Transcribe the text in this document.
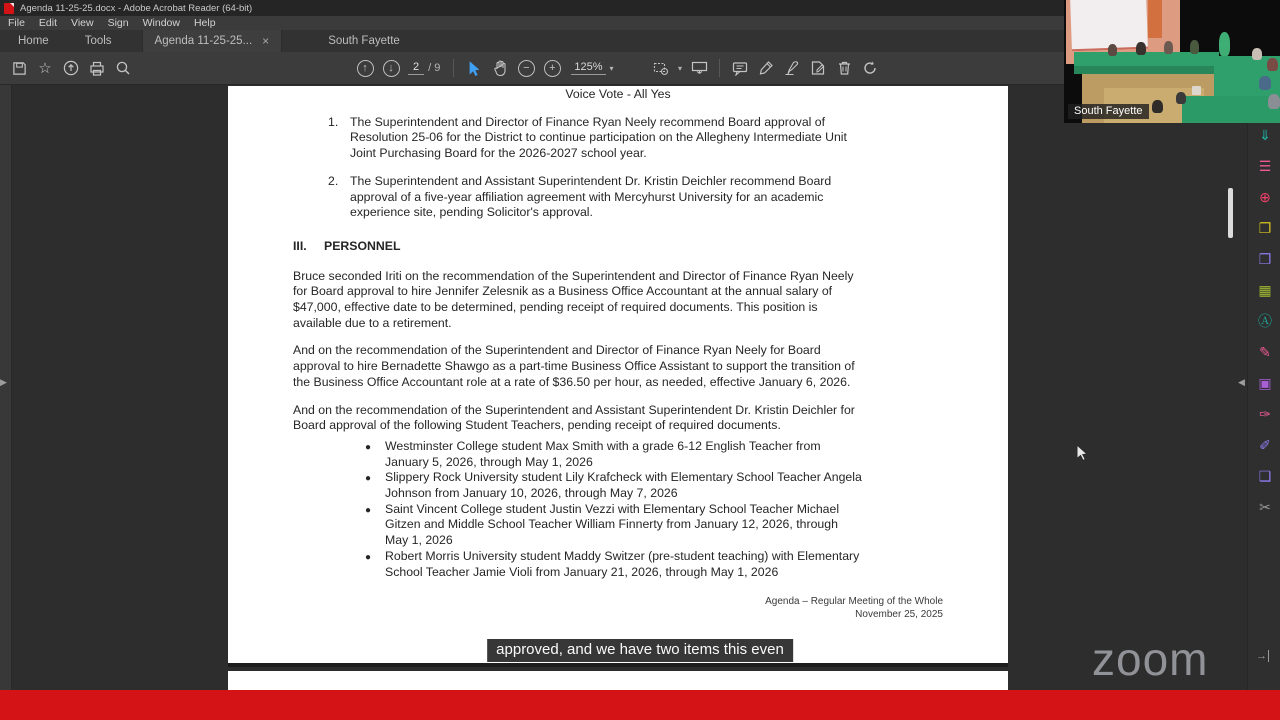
Agenda 11-25-25.docx - Adobe Acrobat Reader (64-bit)
File Edit View Sign Window Help
Home	Tools	Agenda 11-25-25... ×	South Fayette
☆	↑	↓	2 / 9	−	+	125% ▾	▾
▶
Voice Vote - All Yes
1. The Superintendent and Director of Finance Ryan Neely recommend Board approval of
Resolution 25-06 for the District to continue participation on the Allegheny Intermediate Unit
Joint Purchasing Board for the 2026-2027 school year.
2. The Superintendent and Assistant Superintendent Dr. Kristin Deichler recommend Board
approval of a five-year affiliation agreement with Mercyhurst University for an academic
experience site, pending Solicitor's approval.
III. PERSONNEL
Bruce seconded Iriti on the recommendation of the Superintendent and Director of Finance Ryan Neely
for Board approval to hire Jennifer Zelesnik as a Business Office Accountant at the annual salary of
$47,000, effective date to be determined, pending receipt of required documents. This position is
available due to a retirement.
And on the recommendation of the Superintendent and Director of Finance Ryan Neely for Board
approval to hire Bernadette Shawgo as a part-time Business Office Assistant to support the transition of
the Business Office Accountant role at a rate of $36.50 per hour, as needed, effective January 6, 2026.
And on the recommendation of the Superintendent and Assistant Superintendent Dr. Kristin Deichler for
Board approval of the following Student Teachers, pending receipt of required documents.
●	Westminster College student Max Smith with a grade 6-12 English Teacher from
January 5, 2026, through May 1, 2026
●	Slippery Rock University student Lily Krafcheck with Elementary School Teacher Angela
Johnson from January 10, 2026, through May 7, 2026
●	Saint Vincent College student Justin Vezzi with Elementary School Teacher Michael
Gitzen and Middle School Teacher William Finnerty from January 12, 2026, through
May 1, 2026
●	Robert Morris University student Maddy Switzer (pre-student teaching) with Elementary
School Teacher Jamie Violi from January 21, 2026, through May 1, 2026
Agenda – Regular Meeting of the Whole
November 25, 2025
⇓
☰
⊕
❐
❒
▦
Ⓐ
✎
▣
✑
✐
❑
✂
◀
→
approved, and we have two items this even	zoom
South Fayette
